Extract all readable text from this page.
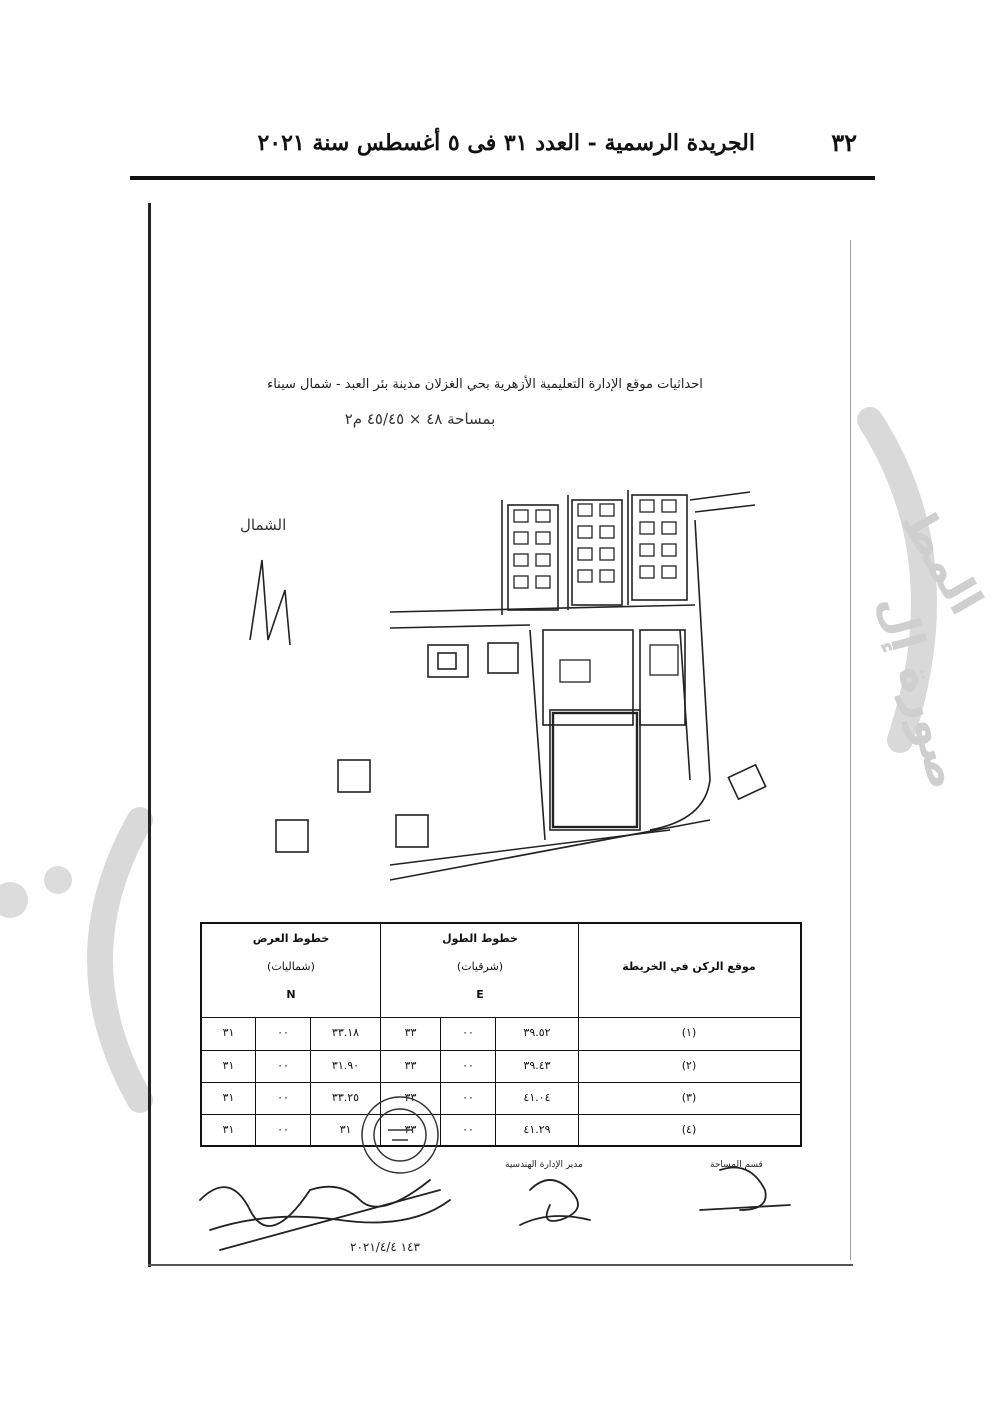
٣٢
الجريدة الرسمية - العدد ٣١ فى ٥ أغسطس سنة ٢٠٢١
المط
صورة إل
احداثيات موقع الإدارة التعليمية الأزهرية بحي الغزلان مدينة بئر العبد - شمال سيناء
بمساحة ٤٨ × ٤٥/٤٥ م٢
الشمال
موقع الركن في الخريطة
خطوط الطول
(شرقيات)
E
خطوط العرض
(شماليات)
N
(١)
٣٩.٥٢
٠٠
٣٣
٣٣.١٨
٠٠
٣١
(٢)
٣٩.٤٣
٠٠
٣٣
٣١.٩٠
٠٠
٣١
(٣)
٤١.٠٤
٠٠
٣٣
٣٣.٢٥
٠٠
٣١
(٤)
٤١.٢٩
٠٠
٣٣
٣١
٠٠
٣١
قسم المساحة
مدير الإدارة الهندسية
١٤٣ ٢٠٢١/٤/٤
